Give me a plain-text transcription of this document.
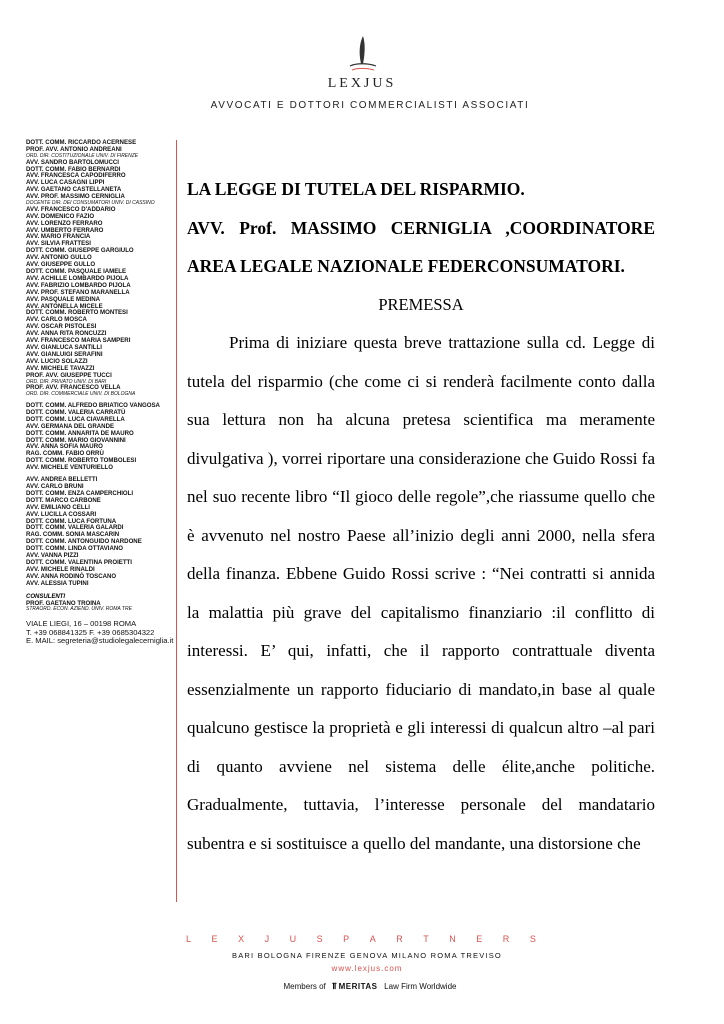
LEXJUS
AVVOCATI E DOTTORI COMMERCIALISTI ASSOCIATI
DOTT. COMM. RICCARDO ACERNESE
PROF. AVV. ANTONIO ANDREANI
ORD. DIR. COSTITUZIONALE UNIV. DI FIRENZE
AVV. SANDRO BARTOLOMUCCI
DOTT. COMM. FABIO BERNARDI
AVV. FRANCESCA CAPODIFERRO
AVV. LUCA CASAGNI LIPPI
AVV. GAETANO CASTELLANETA
AVV. PROF. MASSIMO CERNIGLIA
DOCENTE DIR. DEI CONSUMATORI UNIV. DI CASSINO
AVV. FRANCESCO D'ADDARIO
AVV. DOMENICO FAZIO
AVV. LORENZO FERRARO
AVV. UMBERTO FERRARO
AVV. MARIO FRANCIA
AVV. SILVIA FRATTESI
DOTT. COMM. GIUSEPPE GARGIULO
AVV. ANTONIO GULLO
AVV. GIUSEPPE GULLO
DOTT. COMM. PASQUALE IAMELE
AVV. ACHILLE LOMBARDO PIJOLA
AVV. FABRIZIO LOMBARDO PIJOLA
AVV. PROF. STEFANO MARANELLA
AVV. PASQUALE MEDINA
AVV. ANTONELLA MICELE
DOTT. COMM. ROBERTO MONTESI
AVV. CARLO MOSCA
AVV. OSCAR PISTOLESI
AVV. ANNA RITA RONCUZZI
AVV. FRANCESCO MARIA SAMPERI
AVV. GIANLUCA SANTILLI
AVV. GIANLUIGI SERAFINI
AVV. LUCIO SOLAZZI
AVV. MICHELE TAVAZZI
PROF. AVV. GIUSEPPE TUCCI
ORD. DIR. PRIVATO UNIV. DI BARI
PROF. AVV. FRANCESCO VELLA
ORD. DIR. COMMERCIALE UNIV. DI BOLOGNA
DOTT. COMM. ALFREDO BRIATICO VANGOSA
DOTT. COMM. VALERIA CARRATÙ
DOTT. COMM. LUCA CIAVARELLA
AVV. GERMANA DEL GRANDE
DOTT. COMM. ANNARITA DE MAURO
DOTT. COMM. MARIO GIOVANNINI
AVV. ANNA SOFIA MAURO
RAG. COMM. FABIO ORRÙ
DOTT. COMM. ROBERTO TOMBOLESI
AVV. MICHELE VENTURIELLO
AVV. ANDREA BELLETTI
AVV. CARLO BRUNI
DOTT. COMM. ENZA CAMPERCHIOLI
DOTT. MARCO CARBONE
AVV. EMILIANO CELLI
AVV. LUCILLA COSSARI
DOTT. COMM. LUCA FORTUNA
DOTT. COMM. VALERIA GALARDI
RAG. COMM. SONIA MASCARIN
DOTT. COMM. ANTONGUIDO NARDONE
DOTT. COMM. LINDA OTTAVIANO
AVV. VANNA PIZZI
DOTT. COMM. VALENTINA PROIETTI
AVV. MICHELE RINALDI
AVV. ANNA RODINÒ TOSCANO
AVV. ALESSIA TUPINI
CONSULENTI
PROF. GAETANO TROINA
STRAORD. ECON. AZIEND. UNIV. ROMA TRE
VIALE LIEGI, 16 – 00198 ROMA
T. +39 068841325 F. +39 0685304322
E. MAIL: segreteria@studiolegalecerniglia.it
LA LEGGE DI TUTELA DEL RISPARMIO.
AVV. Prof. MASSIMO CERNIGLIA ,COORDINATORE
AREA LEGALE NAZIONALE FEDERCONSUMATORI.
PREMESSA

Prima di iniziare questa breve trattazione sulla cd. Legge di tutela del risparmio (che come ci si renderà facilmente conto dalla sua lettura non ha alcuna pretesa scientifica ma meramente divulgativa ), vorrei riportare una considerazione che Guido Rossi fa nel suo recente libro “Il gioco delle regole”,che riassume quello che è avvenuto nel nostro Paese all’inizio degli anni 2000, nella sfera della finanza. Ebbene Guido Rossi scrive : “Nei contratti si annida la malattia più grave del capitalismo finanziario :il conflitto di interessi. E’ qui, infatti, che il rapporto contrattuale diventa essenzialmente un rapporto fiduciario di mandato,in base al quale qualcuno gestisce la proprietà e gli interessi di qualcun altro –al pari di quanto avviene nel sistema delle élite,anche politiche. Gradualmente, tuttavia, l’interesse personale del mandatario subentra e si sostituisce a quello del mandante, una distorsione che

L E X J U S P A R T N E R S
BARI BOLOGNA FIRENZE GENOVA MILANO ROMA TREVISO
www.lexjus.com
Members of Ⅱ̅ MERITAS Law Firm Worldwide
